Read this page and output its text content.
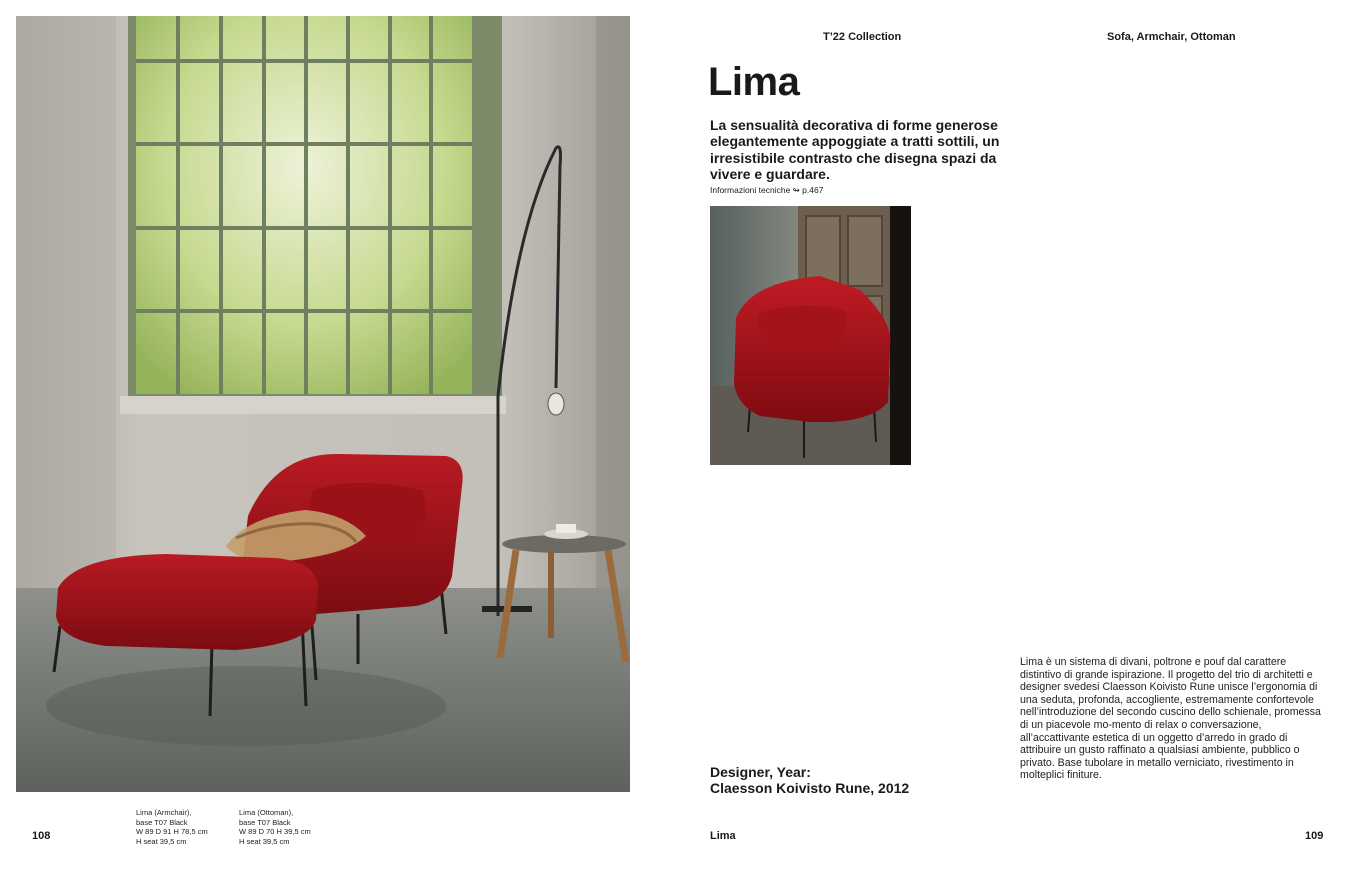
Lima (Armchair),
base T07 Black
W 89 D 91 H 78,5 cm
H seat 39,5 cm
Lima (Ottoman),
base T07 Black
W 89 D 70 H 39,5 cm
H seat 39,5 cm
108
T’22 Collection	Sofa, Armchair, Ottoman
Lima

La sensualità decorativa di forme generose elegantemente appoggiate a tratti sottili, un irresistibile contrasto che disegna spazi da vivere e guardare.

Informazioni tecniche ↬ p.467
Designer, Year:
Claesson Koivisto Rune, 2012

Lima è un sistema di divani, poltrone e pouf dal carattere distintivo di grande ispirazione. Il progetto del trio di architetti e designer svedesi Claesson Koivisto Rune unisce l’ergonomia di una seduta, profonda, accogliente, estremamente confortevole nell’introduzione del secondo cuscino dello schienale, promessa di un piacevole mo-mento di relax o conversazione, all’accattivante estetica di un oggetto d’arredo in grado di attribuire un gusto raffinato a qualsiasi ambiente, pubblico o privato. Base tubolare in metallo verniciato, rivestimento in molteplici finiture.

Lima	109
